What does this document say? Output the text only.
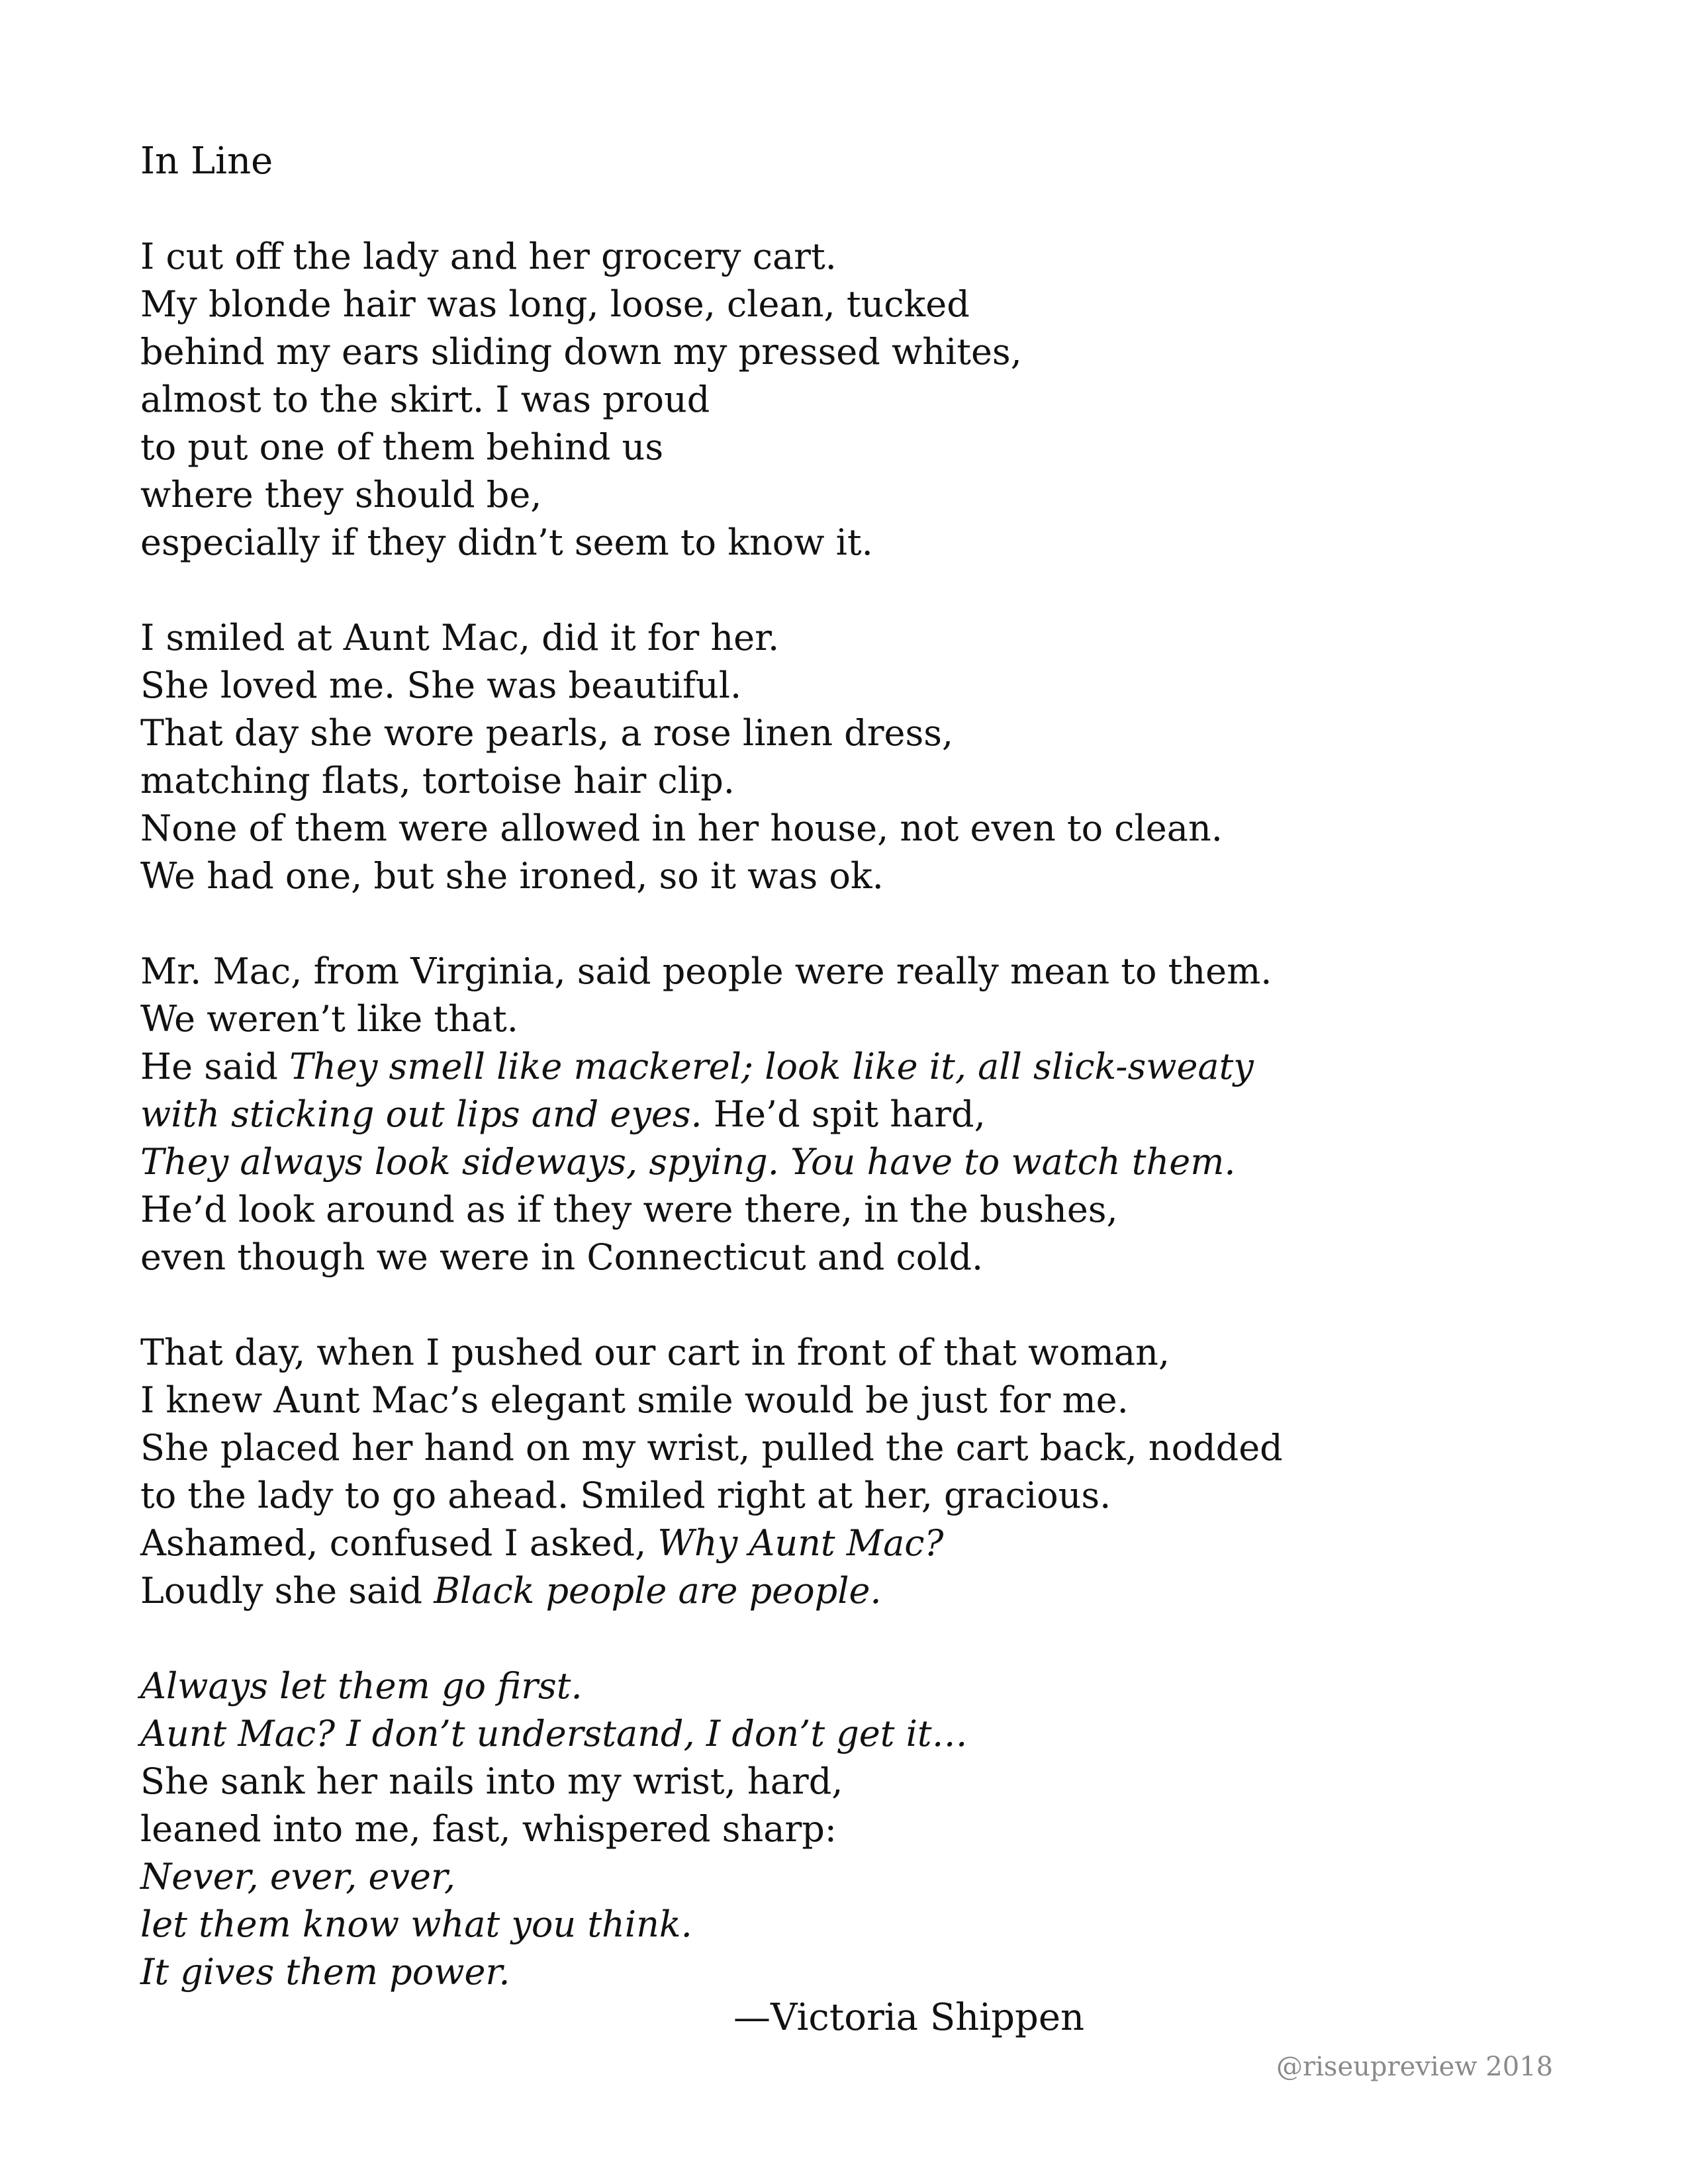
In Line
I cut off the lady and her grocery cart.
My blonde hair was long, loose, clean, tucked
behind my ears sliding down my pressed whites,
almost to the skirt. I was proud
to put one of them behind us
where they should be,
especially if they didn’t seem to know it.
I smiled at Aunt Mac, did it for her.
She loved me. She was beautiful.
That day she wore pearls, a rose linen dress,
matching flats, tortoise hair clip.
None of them were allowed in her house, not even to clean.
We had one, but she ironed, so it was ok.
Mr. Mac, from Virginia, said people were really mean to them.
We weren’t like that.
He said They smell like mackerel; look like it, all slick-sweaty
with sticking out lips and eyes. He’d spit hard,
They always look sideways, spying. You have to watch them.
He’d look around as if they were there, in the bushes,
even though we were in Connecticut and cold.
That day, when I pushed our cart in front of that woman,
I knew Aunt Mac’s elegant smile would be just for me.
She placed her hand on my wrist, pulled the cart back, nodded
to the lady to go ahead. Smiled right at her, gracious.
Ashamed, confused I asked, Why Aunt Mac?
Loudly she said Black people are people.
Always let them go first.
Aunt Mac? I don’t understand, I don’t get it…
She sank her nails into my wrist, hard,
leaned into me, fast, whispered sharp:
Never, ever, ever,
let them know what you think.
It gives them power.
—Victoria Shippen
@riseupreview 2018
